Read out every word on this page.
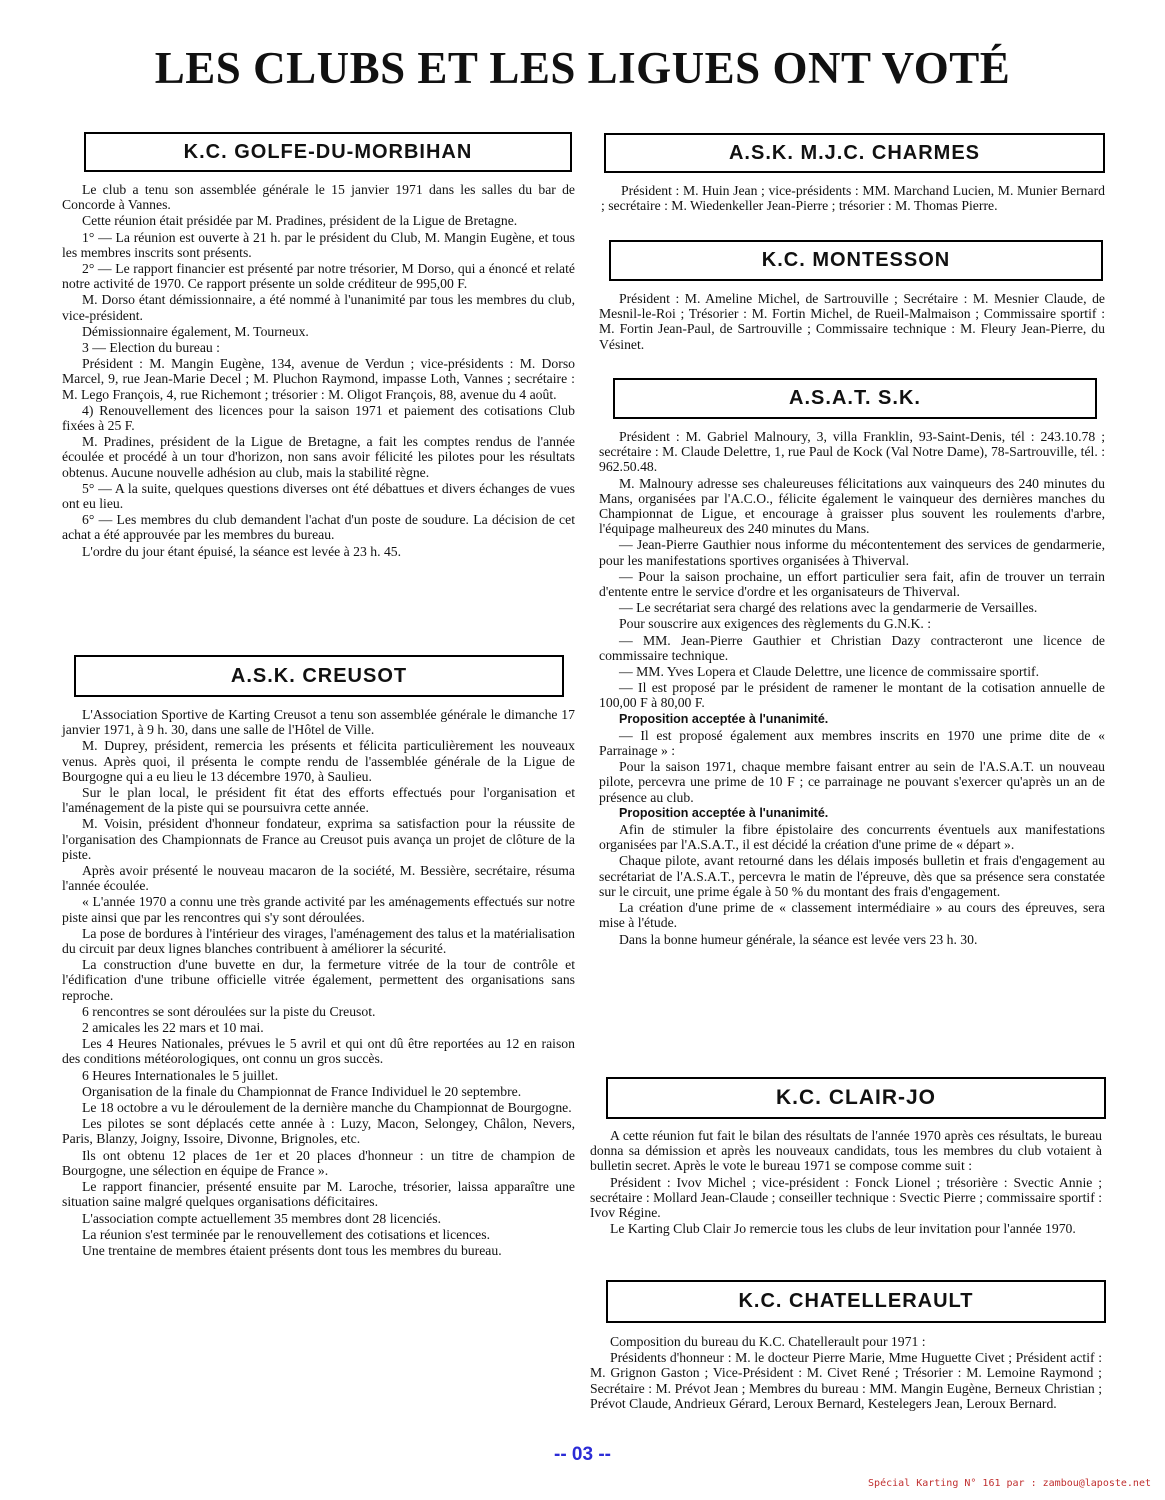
LES CLUBS ET LES LIGUES ONT VOTÉ
K.C. GOLFE-DU-MORBIHAN

Le club a tenu son assemblée générale le 15 janvier 1971 dans les salles du bar de Concorde à Vannes.

Cette réunion était présidée par M. Pradines, président de la Ligue de Bretagne.

1° — La réunion est ouverte à 21 h. par le président du Club, M. Mangin Eugène, et tous les membres inscrits sont présents.

2° — Le rapport financier est présenté par notre trésorier, M Dorso, qui a énoncé et relaté notre activité de 1970. Ce rapport présente un solde créditeur de 995,00 F.

M. Dorso étant démissionnaire, a été nommé à l'unanimité par tous les membres du club, vice-président.

Démissionnaire également, M. Tourneux.

3 — Election du bureau :

Président : M. Mangin Eugène, 134, avenue de Verdun ; vice-présidents : M. Dorso Marcel, 9, rue Jean-Marie Decel ; M. Pluchon Raymond, impasse Loth, Vannes ; secrétaire : M. Lego François, 4, rue Richemont ; trésorier : M. Oligot François, 88, avenue du 4 août.

4) Renouvellement des licences pour la saison 1971 et paiement des cotisations Club fixées à 25 F.

M. Pradines, président de la Ligue de Bretagne, a fait les comptes rendus de l'année écoulée et procédé à un tour d'horizon, non sans avoir félicité les pilotes pour les résultats obtenus. Aucune nouvelle adhésion au club, mais la stabilité règne.

5° — A la suite, quelques questions diverses ont été débattues et divers échanges de vues ont eu lieu.

6° — Les membres du club demandent l'achat d'un poste de soudure. La décision de cet achat a été approuvée par les membres du bureau.

L'ordre du jour étant épuisé, la séance est levée à 23 h. 45.

A.S.K. CREUSOT

L'Association Sportive de Karting Creusot a tenu son assemblée générale le dimanche 17 janvier 1971, à 9 h. 30, dans une salle de l'Hôtel de Ville.

M. Duprey, président, remercia les présents et félicita particulièrement les nouveaux venus. Après quoi, il présenta le compte rendu de l'assemblée générale de la Ligue de Bourgogne qui a eu lieu le 13 décembre 1970, à Saulieu.

Sur le plan local, le président fit état des efforts effectués pour l'organisation et l'aménagement de la piste qui se poursuivra cette année.

M. Voisin, président d'honneur fondateur, exprima sa satisfaction pour la réussite de l'organisation des Championnats de France au Creusot puis avança un projet de clôture de la piste.

Après avoir présenté le nouveau macaron de la société, M. Bessière, secrétaire, résuma l'année écoulée.

« L'année 1970 a connu une très grande activité par les aménagements effectués sur notre piste ainsi que par les rencontres qui s'y sont déroulées.

La pose de bordures à l'intérieur des virages, l'aménagement des talus et la matérialisation du circuit par deux lignes blanches contribuent à améliorer la sécurité.

La construction d'une buvette en dur, la fermeture vitrée de la tour de contrôle et l'édification d'une tribune officielle vitrée également, permettent des organisations sans reproche.

6 rencontres se sont déroulées sur la piste du Creusot.

2 amicales les 22 mars et 10 mai.

Les 4 Heures Nationales, prévues le 5 avril et qui ont dû être reportées au 12 en raison des conditions météorologiques, ont connu un gros succès.

6 Heures Internationales le 5 juillet.

Organisation de la finale du Championnat de France Individuel le 20 septembre.

Le 18 octobre a vu le déroulement de la dernière manche du Championnat de Bourgogne.

Les pilotes se sont déplacés cette année à : Luzy, Macon, Selongey, Châlon, Nevers, Paris, Blanzy, Joigny, Issoire, Divonne, Brignoles, etc.

Ils ont obtenu 12 places de 1er et 20 places d'honneur : un titre de champion de Bourgogne, une sélection en équipe de France ».

Le rapport financier, présenté ensuite par M. Laroche, trésorier, laissa apparaître une situation saine malgré quelques organisations déficitaires.

L'association compte actuellement 35 membres dont 28 licenciés.

La réunion s'est terminée par le renouvellement des cotisations et licences.

Une trentaine de membres étaient présents dont tous les membres du bureau.

A.S.K. M.J.C. CHARMES

Président : M. Huin Jean ; vice-présidents : MM. Marchand Lucien, M. Munier Bernard ; secrétaire : M. Wiedenkeller Jean-Pierre ; trésorier : M. Thomas Pierre.

K.C. MONTESSON

Président : M. Ameline Michel, de Sartrouville ; Secrétaire : M. Mesnier Claude, de Mesnil-le-Roi ; Trésorier : M. Fortin Michel, de Rueil-Malmaison ; Commissaire sportif : M. Fortin Jean-Paul, de Sartrouville ; Commissaire technique : M. Fleury Jean-Pierre, du Vésinet.

A.S.A.T. S.K.

Président : M. Gabriel Malnoury, 3, villa Franklin, 93-Saint-Denis, tél : 243.10.78 ; secrétaire : M. Claude Delettre, 1, rue Paul de Kock (Val Notre Dame), 78-Sartrouville, tél. : 962.50.48.

M. Malnoury adresse ses chaleureuses félicitations aux vainqueurs des 240 minutes du Mans, organisées par l'A.C.O., félicite également le vainqueur des dernières manches du Championnat de Ligue, et encourage à graisser plus souvent les roulements d'arbre, l'équipage malheureux des 240 minutes du Mans.

— Jean-Pierre Gauthier nous informe du mécontentement des services de gendarmerie, pour les manifestations sportives organisées à Thiverval.

— Pour la saison prochaine, un effort particulier sera fait, afin de trouver un terrain d'entente entre le service d'ordre et les organisateurs de Thiverval.

— Le secrétariat sera chargé des relations avec la gendarmerie de Versailles.

Pour souscrire aux exigences des règlements du G.N.K. :

— MM. Jean-Pierre Gauthier et Christian Dazy contracteront une licence de commissaire technique.

— MM. Yves Lopera et Claude Delettre, une licence de commissaire sportif.

— Il est proposé par le président de ramener le montant de la cotisation annuelle de 100,00 F à 80,00 F.

Proposition acceptée à l'unanimité.

— Il est proposé également aux membres inscrits en 1970 une prime dite de « Parrainage » :

Pour la saison 1971, chaque membre faisant entrer au sein de l'A.S.A.T. un nouveau pilote, percevra une prime de 10 F ; ce parrainage ne pouvant s'exercer qu'après un an de présence au club.

Proposition acceptée à l'unanimité.

Afin de stimuler la fibre épistolaire des concurrents éventuels aux manifestations organisées par l'A.S.A.T., il est décidé la création d'une prime de « départ ».

Chaque pilote, avant retourné dans les délais imposés bulletin et frais d'engagement au secrétariat de l'A.S.A.T., percevra le matin de l'épreuve, dès que sa présence sera constatée sur le circuit, une prime égale à 50 % du montant des frais d'engagement.

La création d'une prime de « classement intermédiaire » au cours des épreuves, sera mise à l'étude.

Dans la bonne humeur générale, la séance est levée vers 23 h. 30.

K.C. CLAIR-JO

A cette réunion fut fait le bilan des résultats de l'année 1970 après ces résultats, le bureau donna sa démission et après les nouveaux candidats, tous les membres du club votaient à bulletin secret. Après le vote le bureau 1971 se compose comme suit :

Président : Ivov Michel ; vice-président : Fonck Lionel ; trésorière : Svectic Annie ; secrétaire : Mollard Jean-Claude ; conseiller technique : Svectic Pierre ; commissaire sportif : Ivov Régine.

Le Karting Club Clair Jo remercie tous les clubs de leur invitation pour l'année 1970.

K.C. CHATELLERAULT

Composition du bureau du K.C. Chatellerault pour 1971 :

Présidents d'honneur : M. le docteur Pierre Marie, Mme Huguette Civet ; Président actif : M. Grignon Gaston ; Vice-Président : M. Civet René ; Trésorier : M. Lemoine Raymond ; Secrétaire : M. Prévot Jean ; Membres du bureau : MM. Mangin Eugène, Berneux Christian ; Prévot Claude, Andrieux Gérard, Leroux Bernard, Kestelegers Jean, Leroux Bernard.

-- 03 --
Spécial Karting N° 161 par : zambou@laposte.net
